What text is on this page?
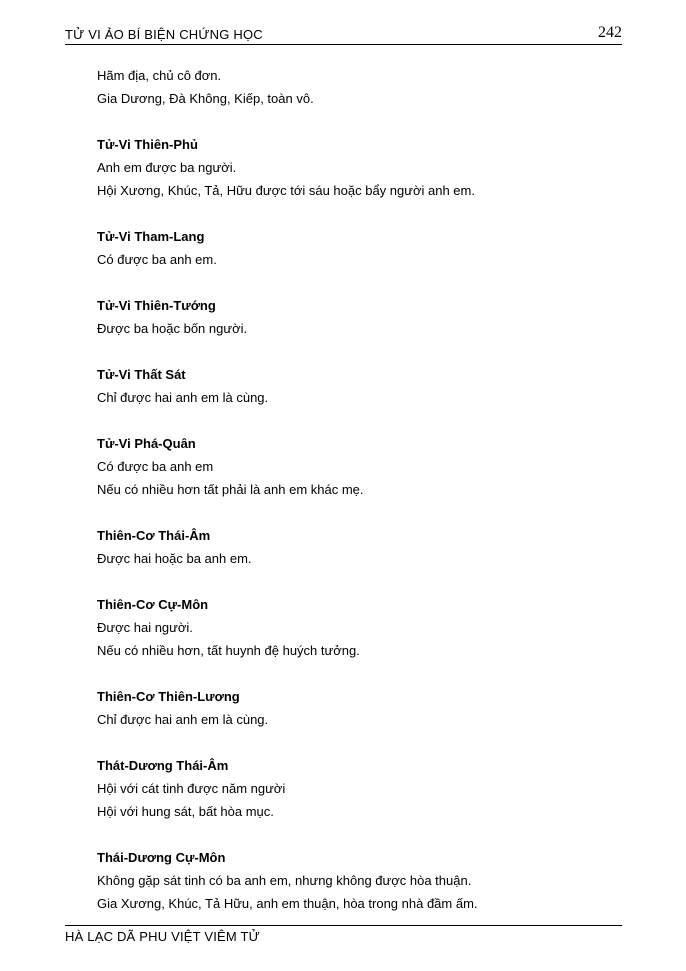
TỬ VI ẢO BÍ BIỆN CHỨNG HỌC	242
Hãm địa, chủ cô đơn.
Gia Dương, Đà Không, Kiếp, toàn vô.
Tử-Vi Thiên-Phủ
Anh em được ba người.
Hội Xương, Khúc, Tả, Hữu được tới sáu hoặc bẩy người anh em.
Tử-Vi Tham-Lang
Có được ba anh em.
Tử-Vi Thiên-Tướng
Được ba hoặc bốn người.
Tử-Vi Thất Sát
Chỉ được hai anh em là cùng.
Tử-Vi Phá-Quân
Có được ba anh em
Nếu có nhiều hơn tất phải là anh em khác mẹ.
Thiên-Cơ Thái-Âm
Được hai hoặc ba anh em.
Thiên-Cơ Cự-Môn
Được hai người.
Nếu có nhiều hơn, tất huynh đệ huých tưởng.
Thiên-Cơ Thiên-Lương
Chỉ được hai anh em là cùng.
Thát-Dương Thái-Âm
Hội với cát tinh được năm người
Hội với hung sát, bất hòa mục.
Thái-Dương Cự-Môn
Không gặp sát tinh có ba anh em, nhưng không được hòa thuận.
Gia Xương, Khúc, Tả Hữu, anh em thuận, hòa trong nhà đầm ấm.
HÀ LẠC DÃ PHU VIỆT VIÊM TỬ
